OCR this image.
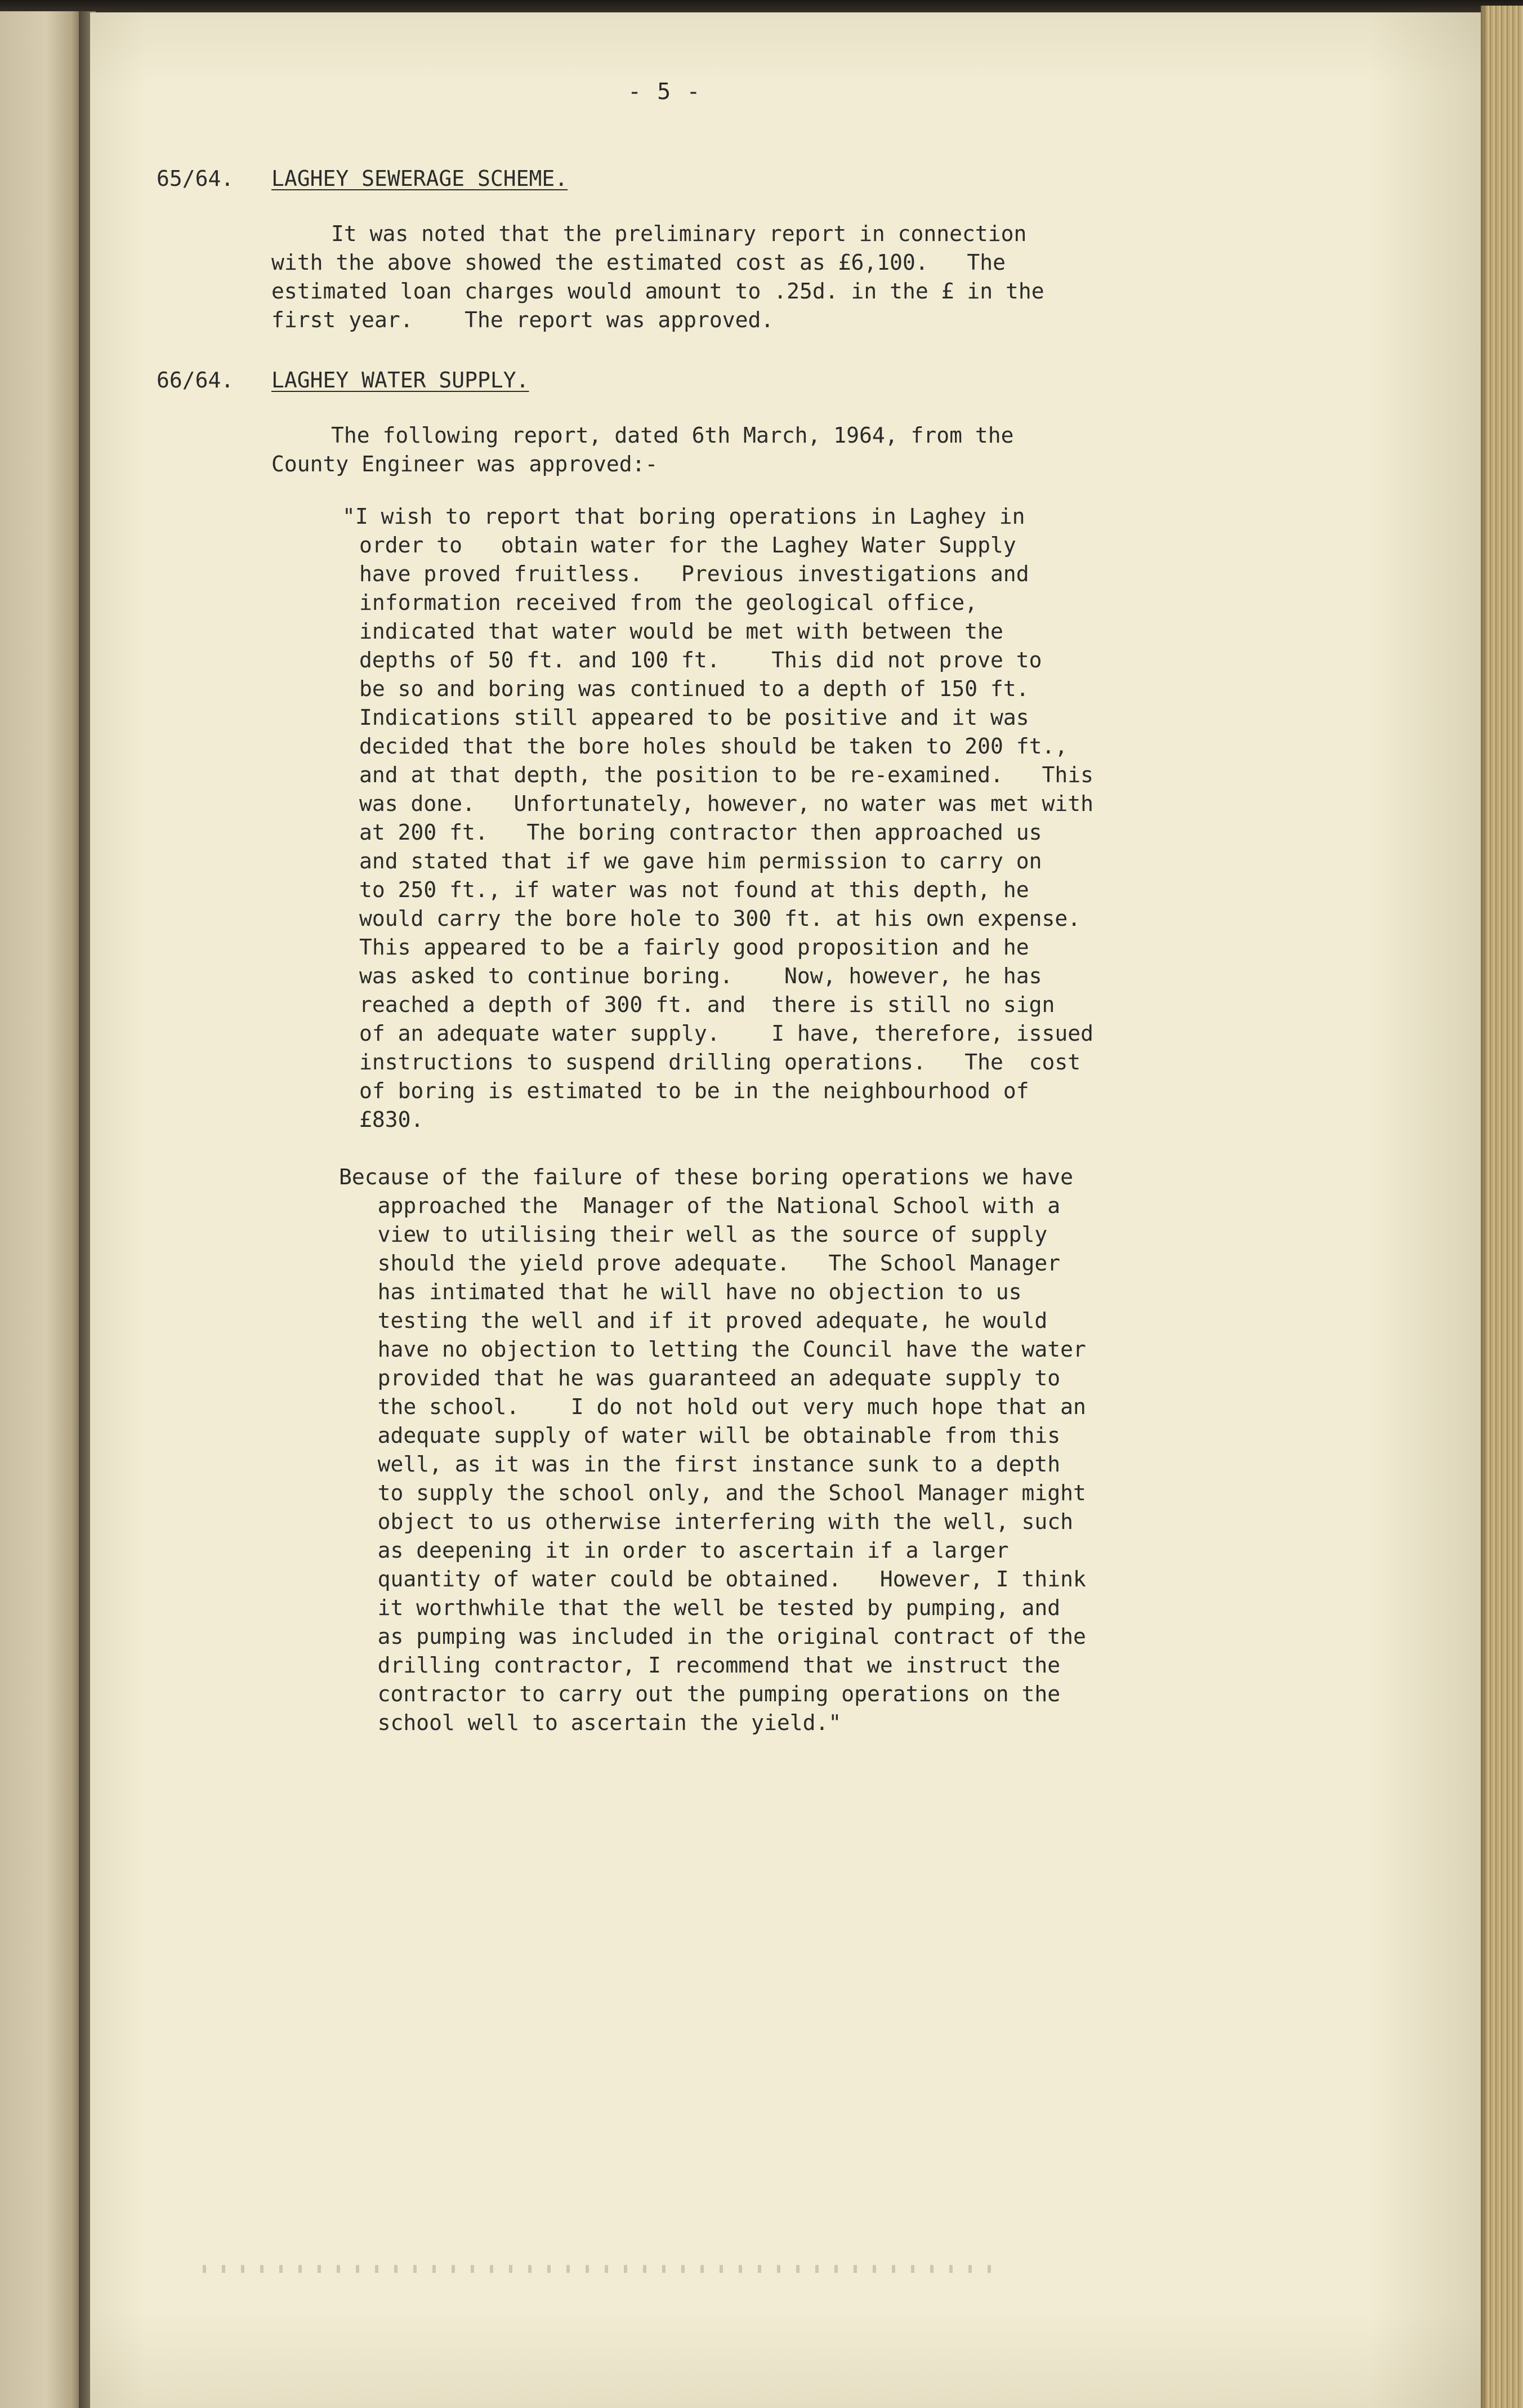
- 5 -

65/64. LAGHEY SEWERAGE SCHEME.

It was noted that the preliminary report in connection

with the above showed the estimated cost as £6,100.   The

estimated loan charges would amount to .25d. in the £ in the

first year.    The report was approved.

66/64. LAGHEY WATER SUPPLY.

The following report, dated 6th March, 1964, from the

County Engineer was approved:-

"I wish to report that boring operations in Laghey in

order to   obtain water for the Laghey Water Supply

have proved fruitless.   Previous investigations and

information received from the geological office,

indicated that water would be met with between the

depths of 50 ft. and 100 ft.    This did not prove to

be so and boring was continued to a depth of 150 ft.

Indications still appeared to be positive and it was

decided that the bore holes should be taken to 200 ft.,

and at that depth, the position to be re-examined.   This

was done.   Unfortunately, however, no water was met with

at 200 ft.   The boring contractor then approached us

and stated that if we gave him permission to carry on

to 250 ft., if water was not found at this depth, he

would carry the bore hole to 300 ft. at his own expense.

This appeared to be a fairly good proposition and he

was asked to continue boring.    Now, however, he has

reached a depth of 300 ft. and  there is still no sign

of an adequate water supply.    I have, therefore, issued

instructions to suspend drilling operations.   The  cost

of boring is estimated to be in the neighbourhood of

£830.

Because of the failure of these boring operations we have

approached the  Manager of the National School with a

view to utilising their well as the source of supply

should the yield prove adequate.   The School Manager

has intimated that he will have no objection to us

testing the well and if it proved adequate, he would

have no objection to letting the Council have the water

provided that he was guaranteed an adequate supply to

the school.    I do not hold out very much hope that an

adequate supply of water will be obtainable from this

well, as it was in the first instance sunk to a depth

to supply the school only, and the School Manager might

object to us otherwise interfering with the well, such

as deepening it in order to ascertain if a larger

quantity of water could be obtained.   However, I think

it worthwhile that the well be tested by pumping, and

as pumping was included in the original contract of the

drilling contractor, I recommend that we instruct the

contractor to carry out the pumping operations on the

school well to ascertain the yield."
